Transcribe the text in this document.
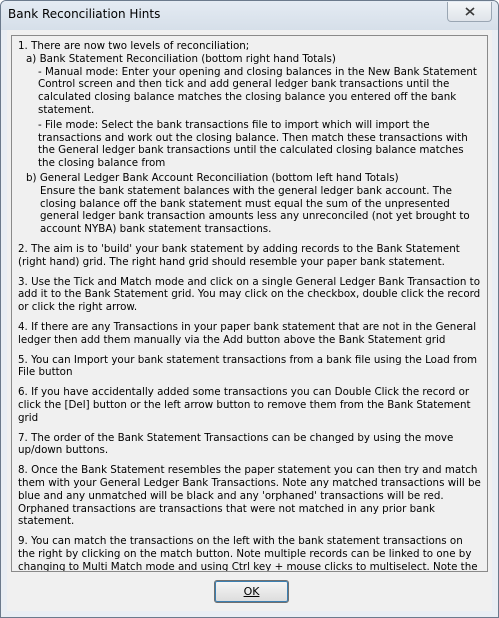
Bank Reconciliation Hints

1. There are now two levels of reconciliation;

a) Bank Statement Reconciliation (bottom right hand Totals)

- Manual mode: Enter your opening and closing balances in the New Bank Statement Control screen and then tick and add general ledger bank transactions until the calculated closing balance matches the closing balance you entered off the bank statement.

- File mode: Select the bank transactions file to import which will import the transactions and work out the closing balance. Then match these transactions with the General ledger bank transactions until the calculated closing balance matches the closing balance from

b) General Ledger Bank Account Reconciliation (bottom left hand Totals)

Ensure the bank statement balances with the general ledger bank account. The closing balance off the bank statement must equal the sum of the unpresented general ledger bank transaction amounts less any unreconciled (not yet brought to account NYBA) bank statement transactions.

2. The aim is to 'build' your bank statement by adding records to the Bank Statement (right hand) grid. The right hand grid should resemble your paper bank statement.

3. Use the Tick and Match mode and click on a single General Ledger Bank Transaction to add it to the Bank Statement grid. You may click on the checkbox, double click the record or click the right arrow.

4. If there are any Transactions in your paper bank statement that are not in the General ledger then add them manually via the Add button above the Bank Statement grid

5. You can Import your bank statement transactions from a bank file using the Load from File button

6. If you have accidentally added some transactions you can Double Click the record or click the [Del] button or the left arrow button to remove them from the Bank Statement grid

7. The order of the Bank Statement Transactions can be changed by using the move up/down buttons.

8. Once the Bank Statement resembles the paper statement you can then try and match them with your General Ledger Bank Transactions. Note any matched transactions will be blue and any unmatched will be black and any 'orphaned' transactions will be red. Orphaned transactions are transactions that were not matched in any prior bank statement.

9. You can match the transactions on the left with the bank statement transactions on the right by clicking on the match button. Note multiple records can be linked to one by changing to Multi Match mode and using Ctrl key + mouse clicks to multiselect. Note the

OK
